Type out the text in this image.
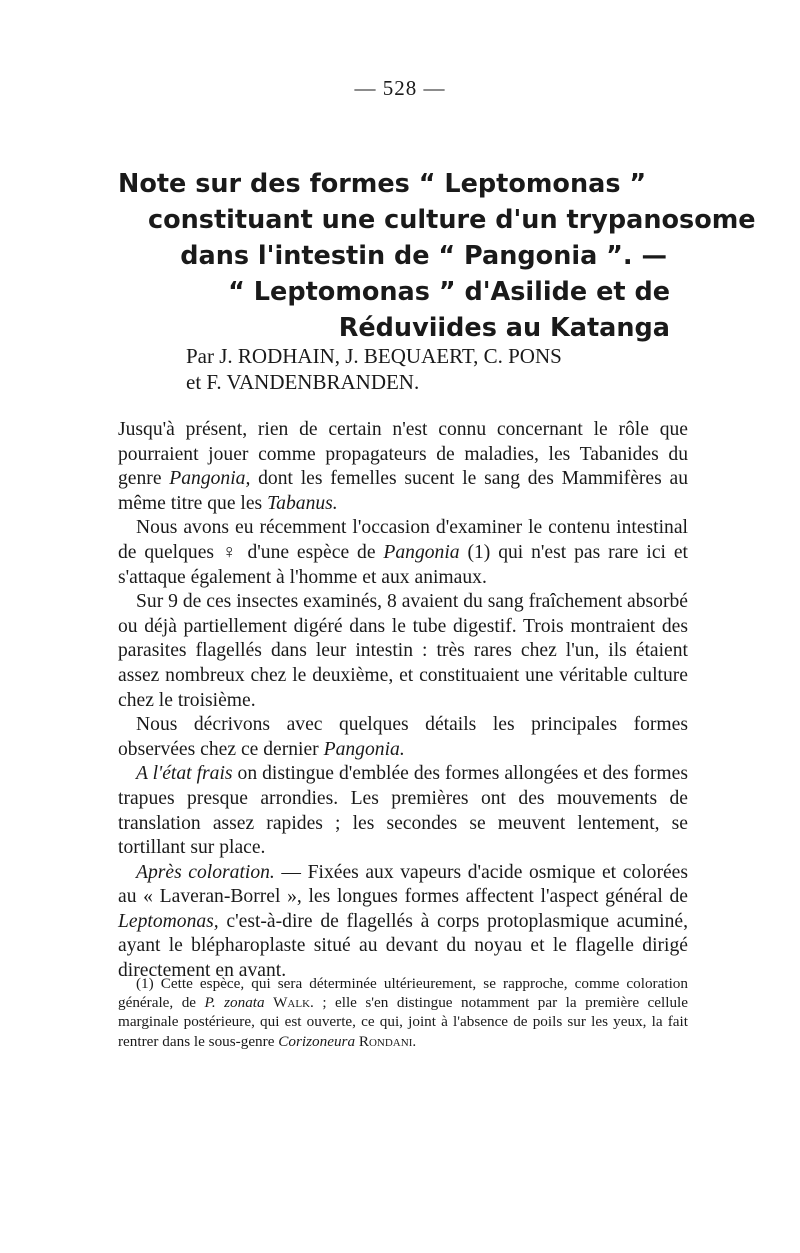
— 528 —
Note sur des formes “ Leptomonas ”
constituant une culture d'un trypanosome
dans l'intestin de “ Pangonia ”. —
“ Leptomonas ” d'Asilide et de
Réduviides au Katanga
Par J. RODHAIN, J. BEQUAERT, C. PONS
et F. VANDENBRANDEN.

Jusqu'à présent, rien de certain n'est connu concernant le rôle que pourraient jouer comme propagateurs de maladies, les Tabanides du genre Pangonia, dont les femelles sucent le sang des Mammifères au même titre que les Tabanus.

Nous avons eu récemment l'occasion d'examiner le contenu intestinal de quelques ♀ d'une espèce de Pangonia (1) qui n'est pas rare ici et s'attaque également à l'homme et aux animaux.

Sur 9 de ces insectes examinés, 8 avaient du sang fraîchement absorbé ou déjà partiellement digéré dans le tube digestif. Trois montraient des parasites flagellés dans leur intestin : très rares chez l'un, ils étaient assez nombreux chez le deuxième, et constituaient une véritable culture chez le troisième.

Nous décrivons avec quelques détails les principales formes observées chez ce dernier Pangonia.

A l'état frais on distingue d'emblée des formes allongées et des formes trapues presque arrondies. Les premières ont des mouvements de translation assez rapides ; les secondes se meuvent lentement, se tortillant sur place.

Après coloration. — Fixées aux vapeurs d'acide osmique et colorées au « Laveran-Borrel », les longues formes affectent l'aspect général de Leptomonas, c'est-à-dire de flagellés à corps protoplasmique acuminé, ayant le blépharoplaste situé au devant du noyau et le flagelle dirigé directement en avant.

(1) Cette espèce, qui sera déterminée ultérieurement, se rapproche, comme coloration générale, de P. zonata Walk. ; elle s'en distingue notamment par la première cellule marginale postérieure, qui est ouverte, ce qui, joint à l'absence de poils sur les yeux, la fait rentrer dans le sous-genre Corizoneura Rondani.
